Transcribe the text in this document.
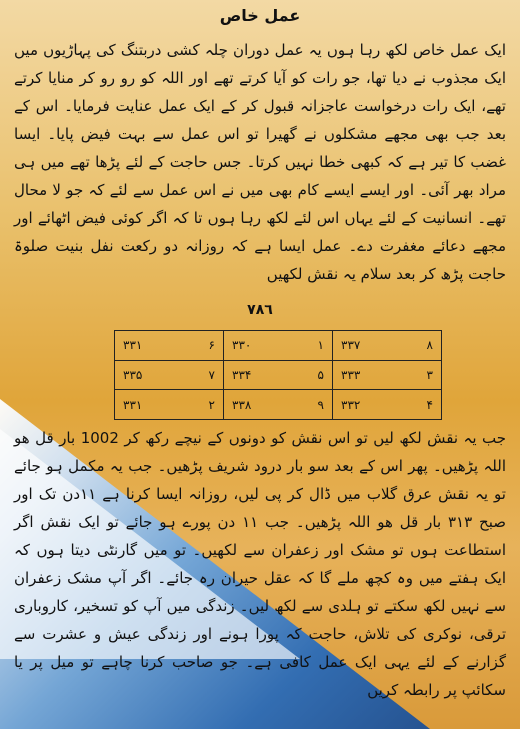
عمل خاص

ایک عمل خاص لکھ رہا ہوں یہ عمل دوران چلہ کشی دربتنگ کی پہاڑیوں میں ایک مجذوب نے دیا تھا، جو رات کو آیا کرتے تھے اور اللہ کو رو رو کر منایا کرتے تھے، ایک رات درخواست عاجزانہ قبول کر کے ایک عمل عنایت فرمایا۔ اس کے بعد جب بھی مجھے مشکلوں نے گھیرا تو اس عمل سے بہت فیض پایا۔ ایسا غضب کا تیر ہے کہ کبھی خطا نہیں کرتا۔ جس حاجت کے لئے پڑھا تھے میں ہی مراد بھر آئی۔ اور ایسے ایسے کام بھی میں نے اس عمل سے لئے کہ جو لا محال تھے۔ انسانیت کے لئے یہاں اس لئے لکھ رہا ہوں تا کہ اگر کوئی فیض اٹھائے اور مجھے دعائے مغفرت دے۔ عمل ایسا ہے کہ روزانہ دو رکعت نفل بنیت صلوۃ حاجت پڑھ کر بعد سلام یہ نقش لکھیں

۷۸٦
۳۳۱ ۶	۳۳۰ ۱	۳۳۷ ۸

۳۳۵ ۷	۳۳۴ ۵	۳۳۳ ۳

۳۳۱ ۲	۳۳۸ ۹	۳۳۲ ۴

جب یہ نقش لکھ لیں تو اس نقش کو دونوں کے نیچے رکھ کر 1002 بار قل ھو اللہ پڑھیں۔ پھر اس کے بعد سو بار درود شریف پڑھیں۔ جب یہ مکمل ہو جائے تو یہ نقش عرق گلاب میں ڈال کر پی لیں، روزانہ ایسا کرنا ہے ۱۱دن تک اور صبح ۳۱۳ بار قل ھو اللہ پڑھیں۔ جب ۱۱ دن پورے ہو جائے تو ایک نقش اگر استطاعت ہوں تو مشک اور زعفران سے لکھیں۔ تو میں گارنٹی دیتا ہوں کہ ایک ہفتے میں وہ کچھ ملے گا کہ عقل حیران رہ جائے۔ اگر آپ مشک زعفران سے نہیں لکھ سکتے تو ہلدی سے لکھ لیں۔ زندگی میں آپ کو تسخیر، کاروباری ترقی، نوکری کی تلاش، حاجت کہ پورا ہونے اور زندگی عیش و عشرت سے گزارنے کے لئے یہی ایک عمل کافی ہے۔ جو صاحب کرنا چاہے تو میل پر یا سکائپ پر رابطہ کریں
